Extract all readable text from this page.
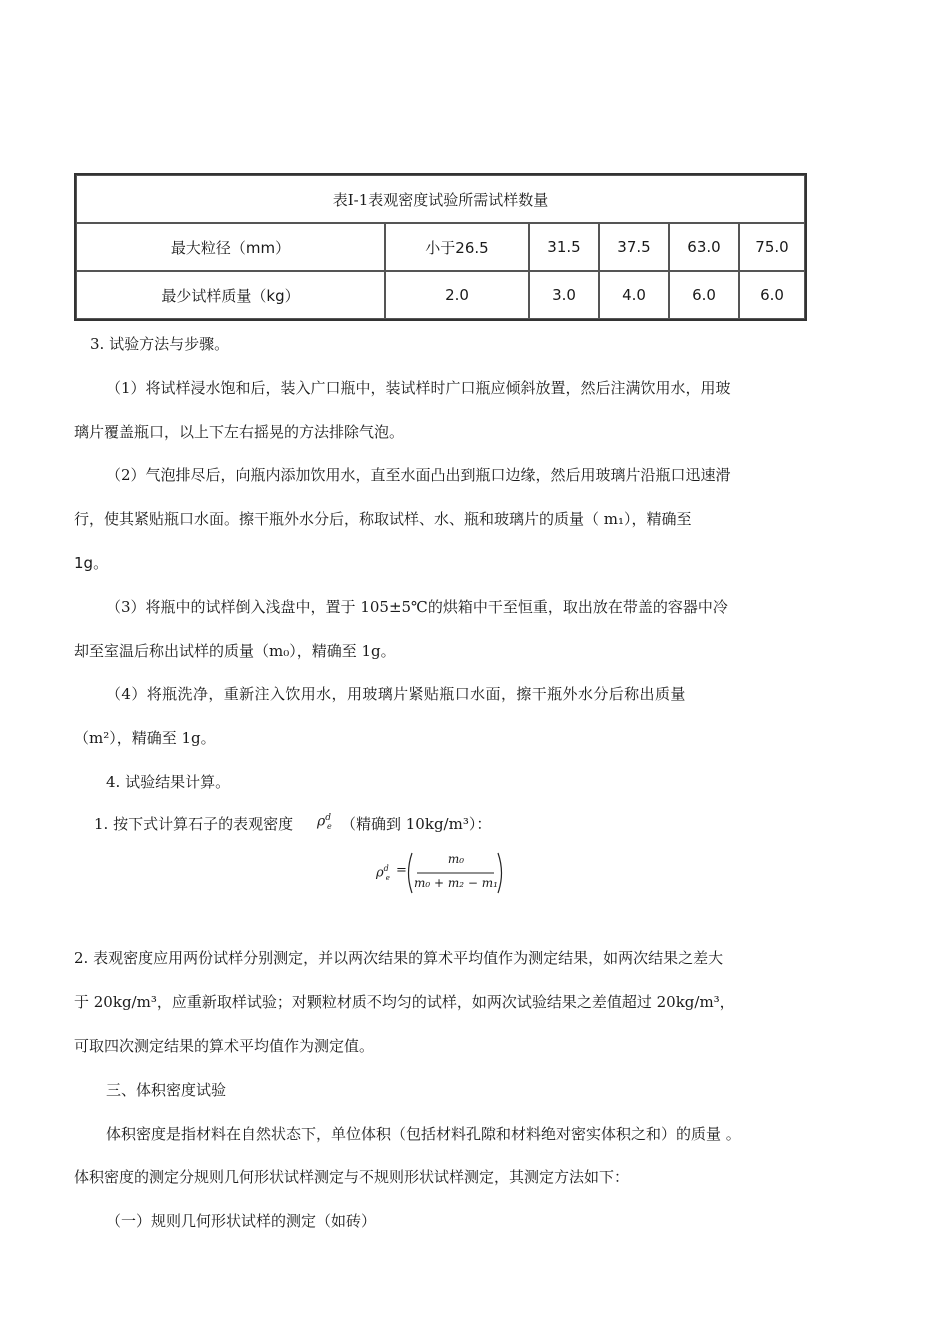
表Ⅰ-1表观密度试验所需试样数量					
最大粒径（mm）	小于26.5	31.5	37.5	63.0	75.0
最少试样质量（kg）	2.0	3.0	4.0	6.0	6.0
3. 试验方法与步骤。
（1）将试样浸水饱和后，装入广口瓶中，装试样时广口瓶应倾斜放置，然后注满饮用水，用玻
璃片覆盖瓶口，以上下左右摇晃的方法排除气泡。
（2）气泡排尽后，向瓶内添加饮用水，直至水面凸出到瓶口边缘，然后用玻璃片沿瓶口迅速滑
行，使其紧贴瓶口水面。擦干瓶外水分后，称取试样、水、瓶和玻璃片的质量（ m₁），精确至
1g。
（3）将瓶中的试样倒入浅盘中，置于 105±5℃的烘箱中干至恒重，取出放在带盖的容器中冷
却至室温后称出试样的质量（m₀），精确至 1g。
（4）将瓶洗净，重新注入饮用水，用玻璃片紧贴瓶口水面，擦干瓶外水分后称出质量
（m²），精确至 1g。
4. 试验结果计算。
1. 按下式计算石子的表观密度 $\rho^d_e$ （精确到 10kg/m³）：
$\rho^d_e$ =
m₀
m₀ + m₂ − m₁
2. 表观密度应用两份试样分别测定，并以两次结果的算术平均值作为测定结果，如两次结果之差大
于 20kg/m³，应重新取样试验；对颗粒材质不均匀的试样，如两次试验结果之差值超过 20kg/m³，
可取四次测定结果的算术平均值作为测定值。
三、体积密度试验
体积密度是指材料在自然状态下，单位体积（包括材料孔隙和材料绝对密实体积之和）的质量 。
体积密度的测定分规则几何形状试样测定与不规则形状试样测定，其测定方法如下：
（一）规则几何形状试样的测定（如砖）
